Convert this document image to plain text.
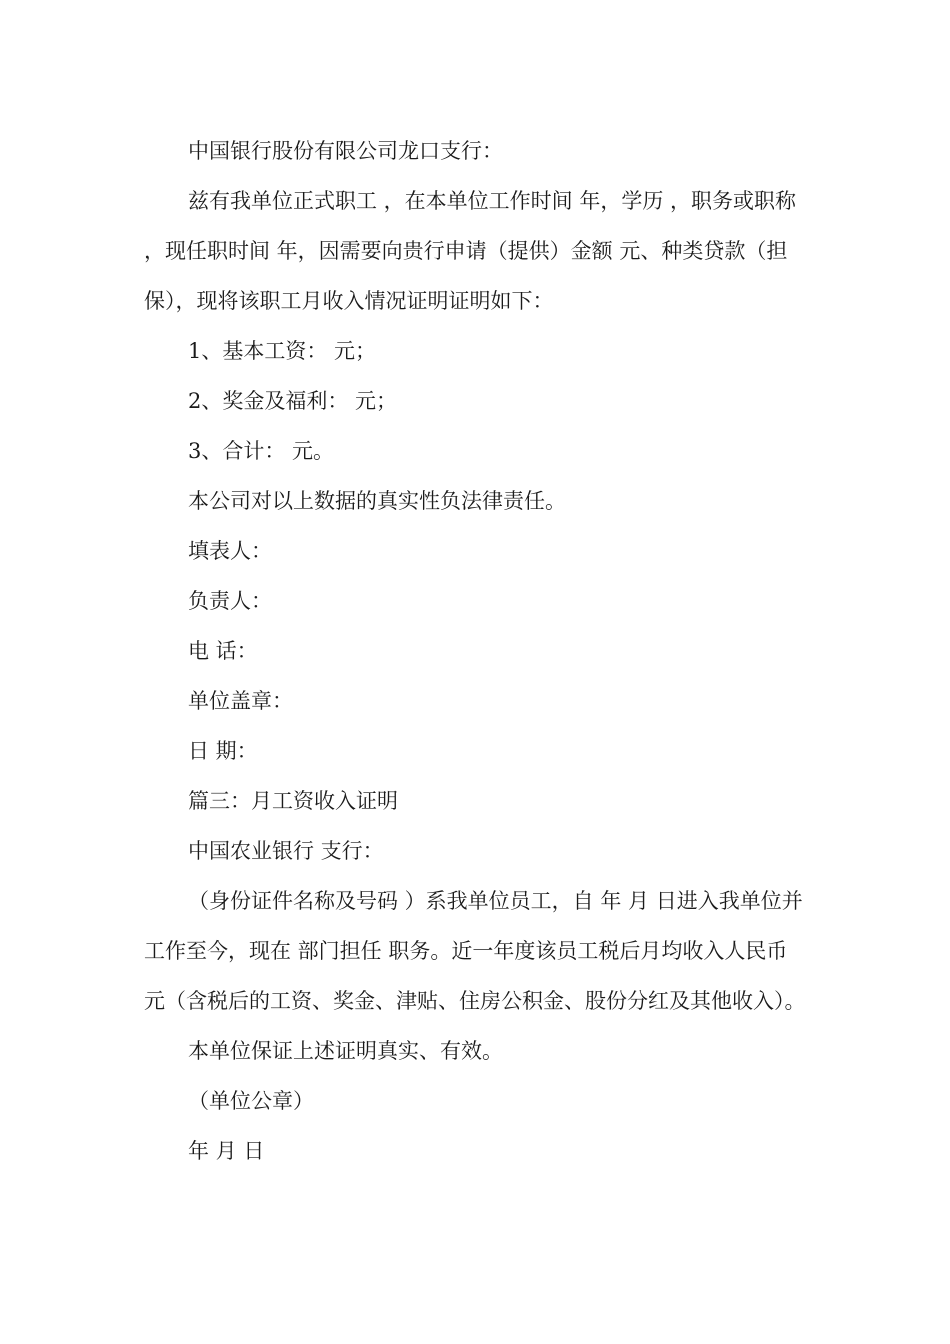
中国银行股份有限公司龙口支行：

兹有我单位正式职工 ，在本单位工作时间 年，学历 ，职务或职称 ，现任职时间 年，因需要向贵行申请（提供）金额 元、种类贷款（担保），现将该职工月收入情况证明证明如下：

1、基本工资： 元；

2、奖金及福利： 元；

3、合计： 元。

本公司对以上数据的真实性负法律责任。

填表人：

负责人：

电 话：

单位盖章：

日 期：

篇三：月工资收入证明

中国农业银行 支行：

（身份证件名称及号码 ）系我单位员工，自 年 月 日进入我单位并工作至今，现在 部门担任 职务。近一年度该员工税后月均收入人民币 元（含税后的工资、奖金、津贴、住房公积金、股份分红及其他收入）。

本单位保证上述证明真实、有效。

（单位公章）

年 月 日
